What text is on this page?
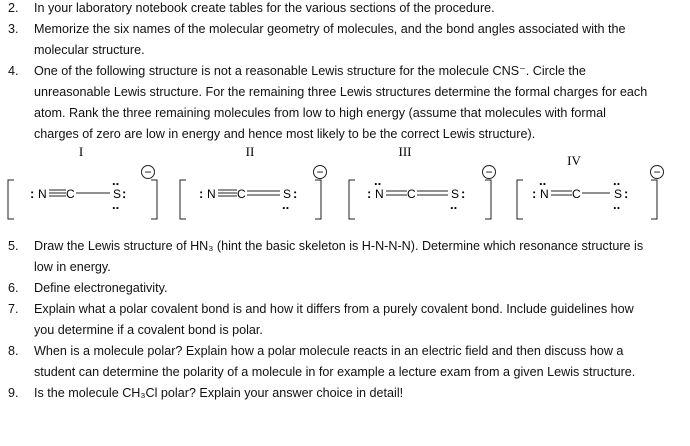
2.	In your laboratory notebook create tables for the various sections of the procedure.
3.	Memorize the six names of the molecular geometry of molecules, and the bond angles associated with the
molecular structure.
4.	One of the following structure is not a reasonable Lewis structure for the molecule CNS⁻. Circle the
unreasonable Lewis structure. For the remaining three Lewis structures determine the formal charges for each
atom. Rank the three remaining molecules from low to high energy (assume that molecules with formal
charges of zero are low in energy and hence most likely to be the correct Lewis structure).
I
: N C	S :
..
..
−
II
: N C	S :
..
−
III
:
..
N C	S :
..
−
IV
:
..
N C	S :
..
..
−
5.	Draw the Lewis structure of HN₃ (hint the basic skeleton is H-N-N-N). Determine which resonance structure is
low in energy.
6.	Define electronegativity.
7.	Explain what a polar covalent bond is and how it differs from a purely covalent bond. Include guidelines how
you determine if a covalent bond is polar.
8.	When is a molecule polar? Explain how a polar molecule reacts in an electric field and then discuss how a
student can determine the polarity of a molecule in for example a lecture exam from a given Lewis structure.
9.	Is the molecule CH₃Cl polar? Explain your answer choice in detail!
